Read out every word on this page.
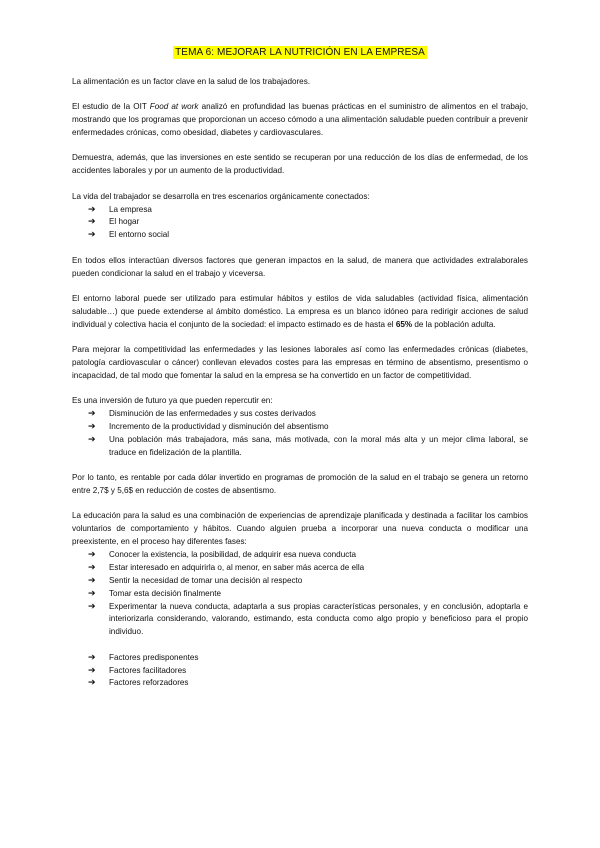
TEMA 6: MEJORAR LA NUTRICIÓN EN LA EMPRESA

La alimentación es un factor clave en la salud de los trabajadores.

El estudio de la OIT Food at work analizó en profundidad las buenas prácticas en el suministro de alimentos en el trabajo, mostrando que los programas que proporcionan un acceso cómodo a una alimentación saludable pueden contribuir a prevenir enfermedades crónicas, como obesidad, diabetes y cardiovasculares.

Demuestra, además, que las inversiones en este sentido se recuperan por una reducción de los días de enfermedad, de los accidentes laborales y por un aumento de la productividad.

La vida del trabajador se desarrolla en tres escenarios orgánicamente conectados:

➔ La empresa
➔ El hogar
➔ El entorno social

En todos ellos interactúan diversos factores que generan impactos en la salud, de manera que actividades extralaborales pueden condicionar la salud en el trabajo y viceversa.

El entorno laboral puede ser utilizado para estimular hábitos y estilos de vida saludables (actividad física, alimentación saludable…) que puede extenderse al ámbito doméstico. La empresa es un blanco idóneo para redirigir acciones de salud individual y colectiva hacia el conjunto de la sociedad: el impacto estimado es de hasta el 65% de la población adulta.

Para mejorar la competitividad las enfermedades y las lesiones laborales así como las enfermedades crónicas (diabetes, patología cardiovascular o cáncer) conllevan elevados costes para las empresas en término de absentismo, presentismo o incapacidad, de tal modo que fomentar la salud en la empresa se ha convertido en un factor de competitividad.

Es una inversión de futuro ya que pueden repercutir en:

➔ Disminución de las enfermedades y sus costes derivados
➔ Incremento de la productividad y disminución del absentismo
➔ Una población más trabajadora, más sana, más motivada, con la moral más alta y un mejor clima laboral, se traduce en fidelización de la plantilla.

Por lo tanto, es rentable por cada dólar invertido en programas de promoción de la salud en el trabajo se genera un retorno entre 2,7$ y 5,6$ en reducción de costes de absentismo.

La educación para la salud es una combinación de experiencias de aprendizaje planificada y destinada a facilitar los cambios voluntarios de comportamiento y hábitos. Cuando alguien prueba a incorporar una nueva conducta o modificar una preexistente, en el proceso hay diferentes fases:

➔ Conocer la existencia, la posibilidad, de adquirir esa nueva conducta
➔ Estar interesado en adquirirla o, al menor, en saber más acerca de ella
➔ Sentir la necesidad de tomar una decisión al respecto
➔ Tomar esta decisión finalmente
➔ Experimentar la nueva conducta, adaptarla a sus propias características personales, y en conclusión, adoptarla e interiorizarla considerando, valorando, estimando, esta conducta como algo propio y beneficioso para el propio individuo.
➔ Factores predisponentes
➔ Factores facilitadores
➔ Factores reforzadores
